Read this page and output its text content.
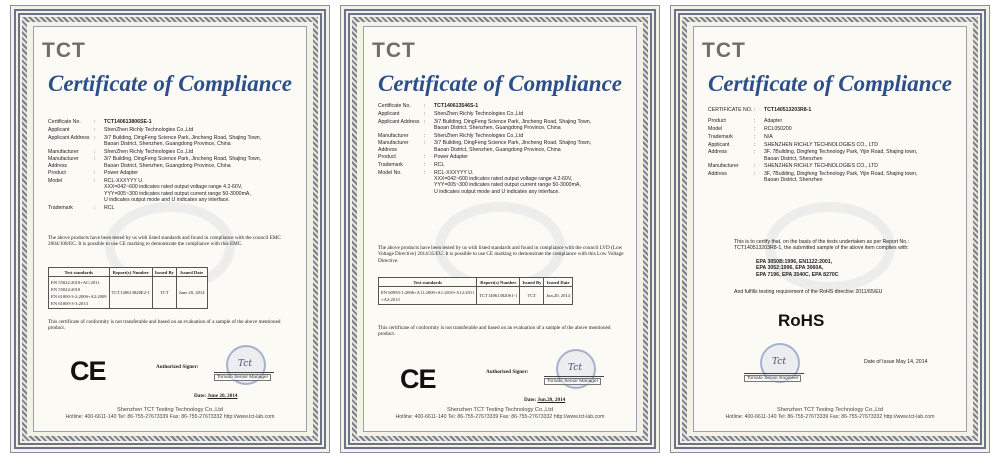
TCT
Certificate of Compliance
Certificate No.	:	TCT140613806SE-1
Applicant	:	ShenZhen Richly Technologies Co.,Ltd
Applicant Address :	3/7 Building, DingFeng Science Park, Jincheng Road, Shajing Town,
Baoan District, Shenzhen, Guangdong Province, China
Manufacturer	:	ShenZhen Richly Technologies Co.,Ltd
Manufacturer Address
:	3/7 Building, DingFeng Science Park, Jincheng Road, Shajing Town,
Baoan District, Shenzhen, Guangdong Province, China
Product	:	Power Adapter
Model	:	RCL-XXXYYY U.
XXX=042~600 indicates rated output voltage range 4.2-60V,
YYY=005~300 indicates rated output current range 50-3000mA,
U indicates output mode and U indicates any interface.
Trademark	:	RCL
The above products have been tested by us with listed standards and found in compliance with the council EMC 2004/108/EC. It is possible to use CE marking to demonstrate the compliance with this EMC.
Test standards	Report(s) Number	Issued By	Issued Date

EN 55022:2010+AC:2011
EN 55024:2010
EN 61000-3-2:2006+A2:2009
EN 61000-3-3:2013	TCT140613820E2-1	TCT	June 20, 2014
This certificate of conformity is not transferable and based on an evaluation of a sample of the above mentioned product.
CE	Authorized Signer:	Tct
Tomato Senior Manager
Date: June 20, 2014
Shenzhen TCT Testing Technology Co.,Ltd
Hotline: 400-6611-140 Tel: 86-755-27673339 Fax: 86-755-27673332 http://www.tct-lab.com
TCT
Certificate of Compliance
Certificate No.	:	TCT140613546S-1
Applicant	:	ShenZhen Richly Technologies Co.,Ltd
Applicant Address :	3/7 Building, DingFeng Science Park, Jincheng Road, Shajing Town,
Baoan District, Shenzhen, Guangdong Province, China
Manufacturer	:	ShenZhen Richly Technologies Co.,Ltd
Manufacturer Address
:	3/7 Building, DingFeng Science Park, Jincheng Road, Shajing Town,
Baoan District, Shenzhen, Guangdong Province, China
Product	:	Power Adapter
Trademark	:	RCL
Model No.	:	RCL-XXXYYY U.
XXX=042~600 indicates rated output voltage range 4.2-60V,
YYY=005~300 indicates rated output current range 50-3000mA,
U indicates output mode and U indicates any interface.
The above products have been tested by us with listed standards and found in compliance with the council LVD (Low Voltage Directive) 2014/35/EU. It is possible to use CE marking to demonstrate the compliance with this Low Voltage Directive.
Test standards	Report(s) Number	Issued By	Issued Date

EN 60950-1:2006+A11:2009+A1:2010+A12:2011
+A2:2013	TCT140613820S1-1	TCT	Jun.20, 2014
This certificate of conformity is not transferable and based on an evaluation of a sample of the above mentioned product.
CE	Authorized Signer:	Tct
Tomato Senior Manager
Date: Jun.20, 2014
Shenzhen TCT Testing Technology Co.,Ltd
Hotline: 400-6611-140 Tel: 86-755-27673339 Fax: 86-755-27673332 http://www.tct-lab.com
TCT
Certificate of Compliance
CERTIFICATE NO. :	TCT140513203R8-1
Product	:	Adapter
Model	:	RCL050200
Trademark	:	N/A
Applicant	:	SHENZHEN RICHLY TECHNOLOGIES CO., LTD
Address	:	3F, 7Building, Dingfeng Technology Park, Yijin Road, Shajing town,
Baoan District, Shenzhen
Manufacturer	:	SHENZHEN RICHLY TECHNOLOGIES CO., LTD
Address	:	3F, 7Building, Dingfeng Technology Park, Yijin Road, Shajing town,
Baoan District, Shenzhen
This is to certify that, on the basis of the tests undertaken as per Report No.: TCT140513203R8-1, the submitted sample of the above item complies with:
EPA 3050B:1996, EN1122:2001,
EPA 3052:1996, EPA 3060A,
EPA 7196, EPA 3540C, EPA 8270C
And fulfills testing requirement of the RoHS directive 2011/65/EU
RoHS
Tct
Tomato Senior Engineer
Date of Issue May 14, 2014
Shenzhen TCT Testing Technology Co.,Ltd
Hotline: 400-6611-140 Tel: 86-755-27673339 Fax: 86-755-27673332 http://www.tct-lab.com
